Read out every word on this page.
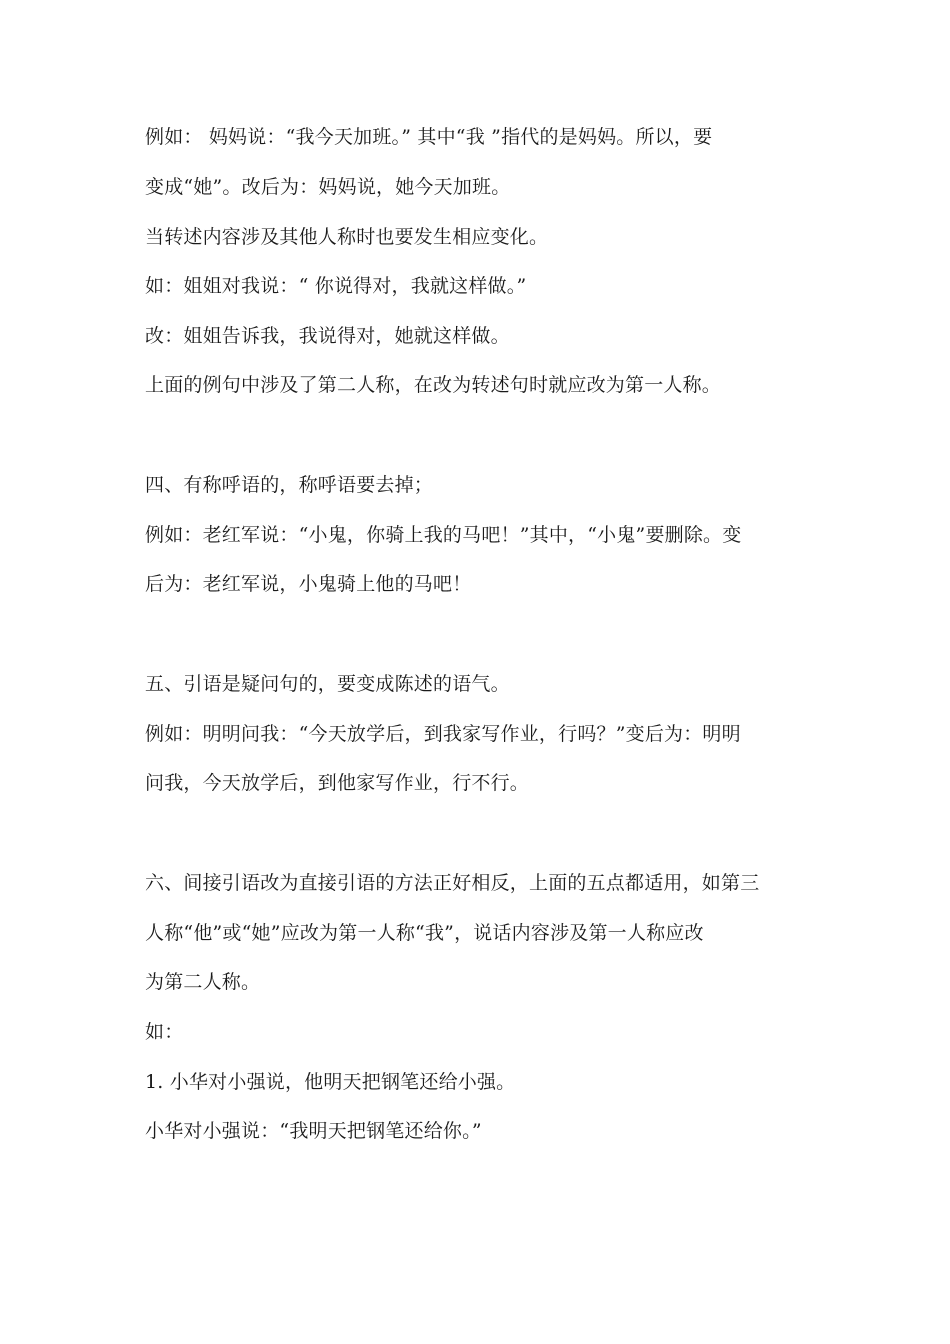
例如： 妈妈说：“我今天加班。” 其中“我 ”指代的是妈妈。所以，要
变成“她”。改后为：妈妈说，她今天加班。
当转述内容涉及其他人称时也要发生相应变化。
如：姐姐对我说：“ 你说得对，我就这样做。”
改：姐姐告诉我，我说得对，她就这样做。
上面的例句中涉及了第二人称，在改为转述句时就应改为第一人称。
四、有称呼语的，称呼语要去掉；
例如：老红军说：“小鬼，你骑上我的马吧！”其中，“小鬼”要删除。变
后为：老红军说，小鬼骑上他的马吧！
五、引语是疑问句的，要变成陈述的语气。
例如：明明问我：“今天放学后，到我家写作业，行吗？”变后为：明明
问我，今天放学后，到他家写作业，行不行。
六、间接引语改为直接引语的方法正好相反，上面的五点都适用，如第三
人称“他”或“她”应改为第一人称“我”，说话内容涉及第一人称应改
为第二人称。
如：
1. 小华对小强说，他明天把钢笔还给小强。
小华对小强说：“我明天把钢笔还给你。”
